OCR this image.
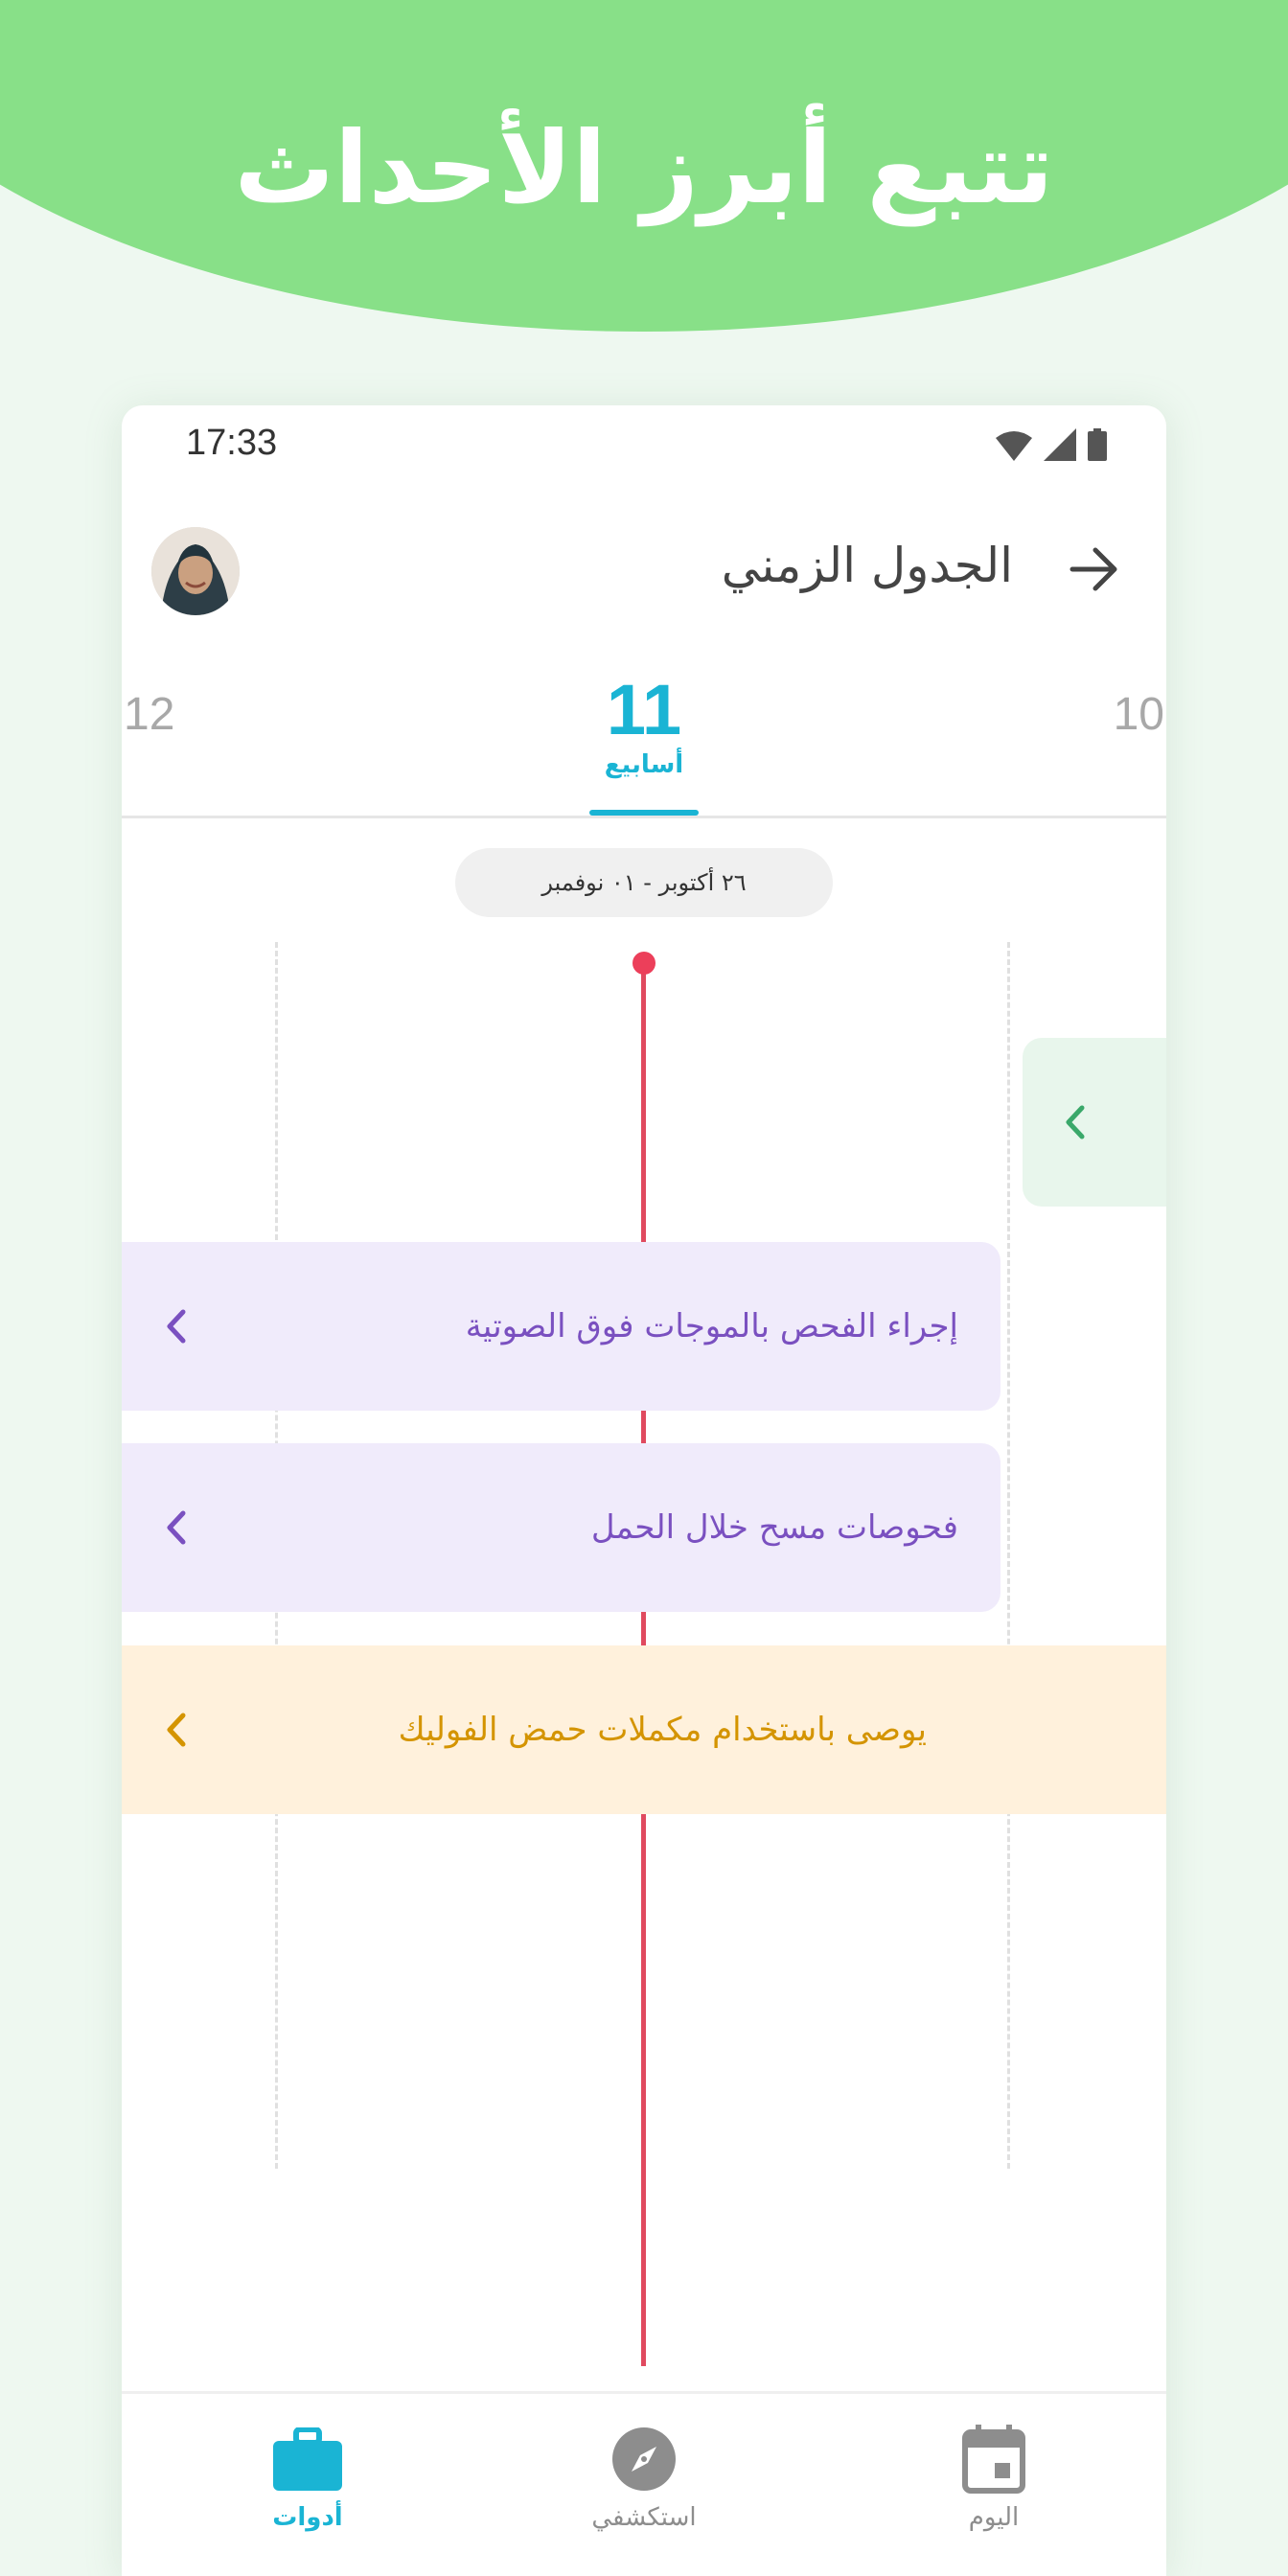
تتبع أبرز الأحداث
17:33
الجدول الزمني
12	11
أسابيع
10
٢٦ أكتوبر - ٠١ نوفمبر
إجراء الفحص بالموجات فوق الصوتية
فحوصات مسح خلال الحمل
يوصى باستخدام مكملات حمض الفوليك
أدوات	استكشفي	اليوم
